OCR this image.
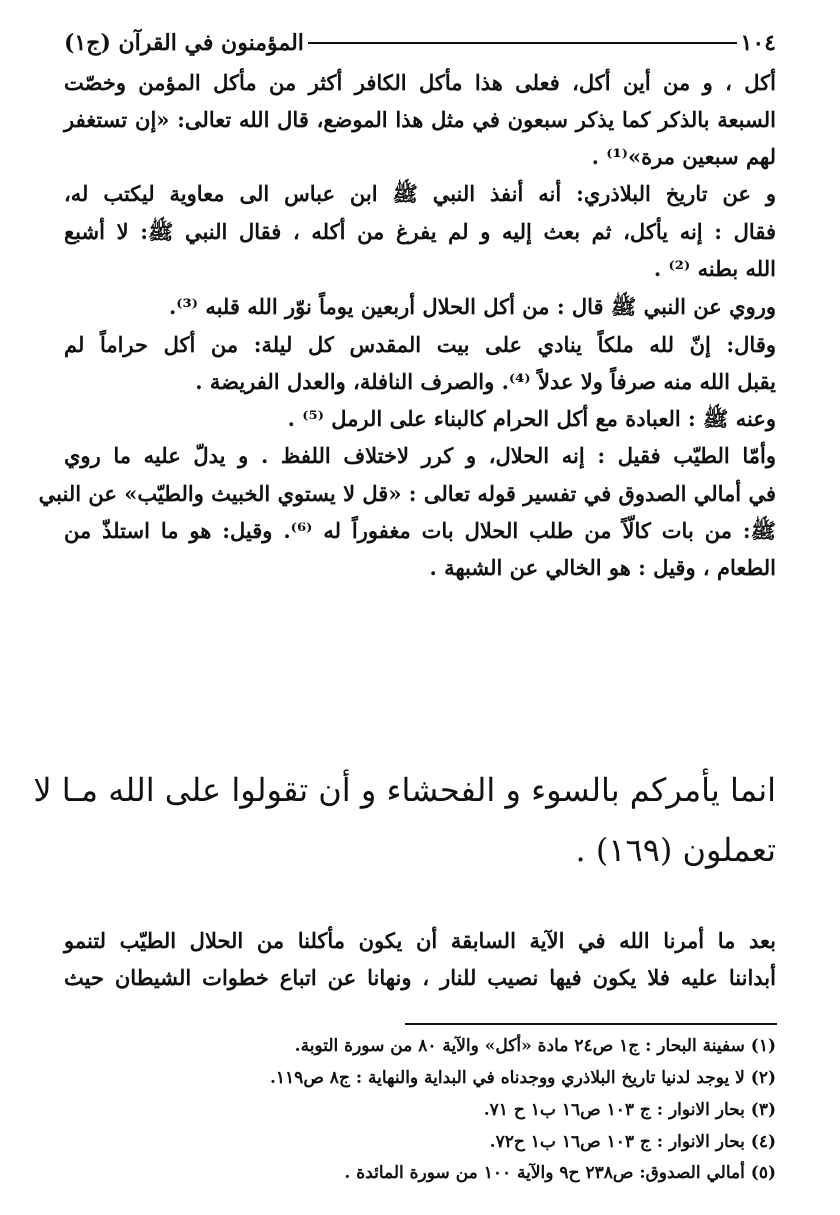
١٠٤
المؤمنون في القرآن (ج١)
أكل ، و من أين أكل، فعلى هذا مأكل الكافر أكثر من مأكل المؤمن وخصّت
السبعة بالذكر كما يذكر سبعون في مثل هذا الموضع، قال الله تعالى: «إن تستغفر
لهم سبعين مرة»⁽¹⁾ .
و عن تاريخ البلاذري: أنه أنفذ النبي ﷺ ابن عباس الى معاوية ليكتب له،
فقال : إنه يأكل، ثم بعث إليه و لم يفرغ من أكله ، فقال النبي ﷺ: لا أشبع
الله بطنه ⁽²⁾ .
وروي عن النبي ﷺ قال : من أكل الحلال أربعين يوماً نوّر الله قلبه ⁽³⁾.
وقال: إنّ لله ملكاً ينادي على بيت المقدس كل ليلة: من أكل حراماً لم
يقبل الله منه صرفاً ولا عدلاً ⁽⁴⁾. والصرف النافلة، والعدل الفريضة .
وعنه ﷺ : العبادة مع أكل الحرام كالبناء على الرمل ⁽⁵⁾ .
وأمّا الطيّب فقيل : إنه الحلال، و كرر لاختلاف اللفظ . و يدلّ عليه ما روي
في أمالي الصدوق في تفسير قوله تعالى : «قل لا يستوي الخبيث والطيّب» عن النبي
ﷺ: من بات كالّاً من طلب الحلال بات مغفوراً له ⁽⁶⁾. وقيل: هو ما استلذّ من
الطعام ، وقيل : هو الخالي عن الشبهة .
انما يأمركم بالسوء و الفحشاء و أن تقولوا على الله مـا لا
تعملون (١٦٩) .
بعد ما أمرنا الله في الآية السابقة أن يكون مأكلنا من الحلال الطيّب لتنمو
أبداننا عليه فلا يكون فيها نصيب للنار ، ونهانا عن اتباع خطوات الشيطان حيث
(١) سفينة البحار : ج١ ص٢٤ مادة «أكل» والآية ٨٠ من سورة التوبة.
(٢) لا يوجد لدنيا تاريخ البلاذري ووجدناه في البداية والنهاية : ج٨ ص١١٩.
(٣) بحار الانوار : ج ١٠٣ ص١٦ ب١ ح ٧١.
(٤) بحار الانوار : ج ١٠٣ ص١٦ ب١ ح٧٢.
(٥) أمالي الصدوق: ص٢٣٨ ح٩ والآية ١٠٠ من سورة المائدة .
